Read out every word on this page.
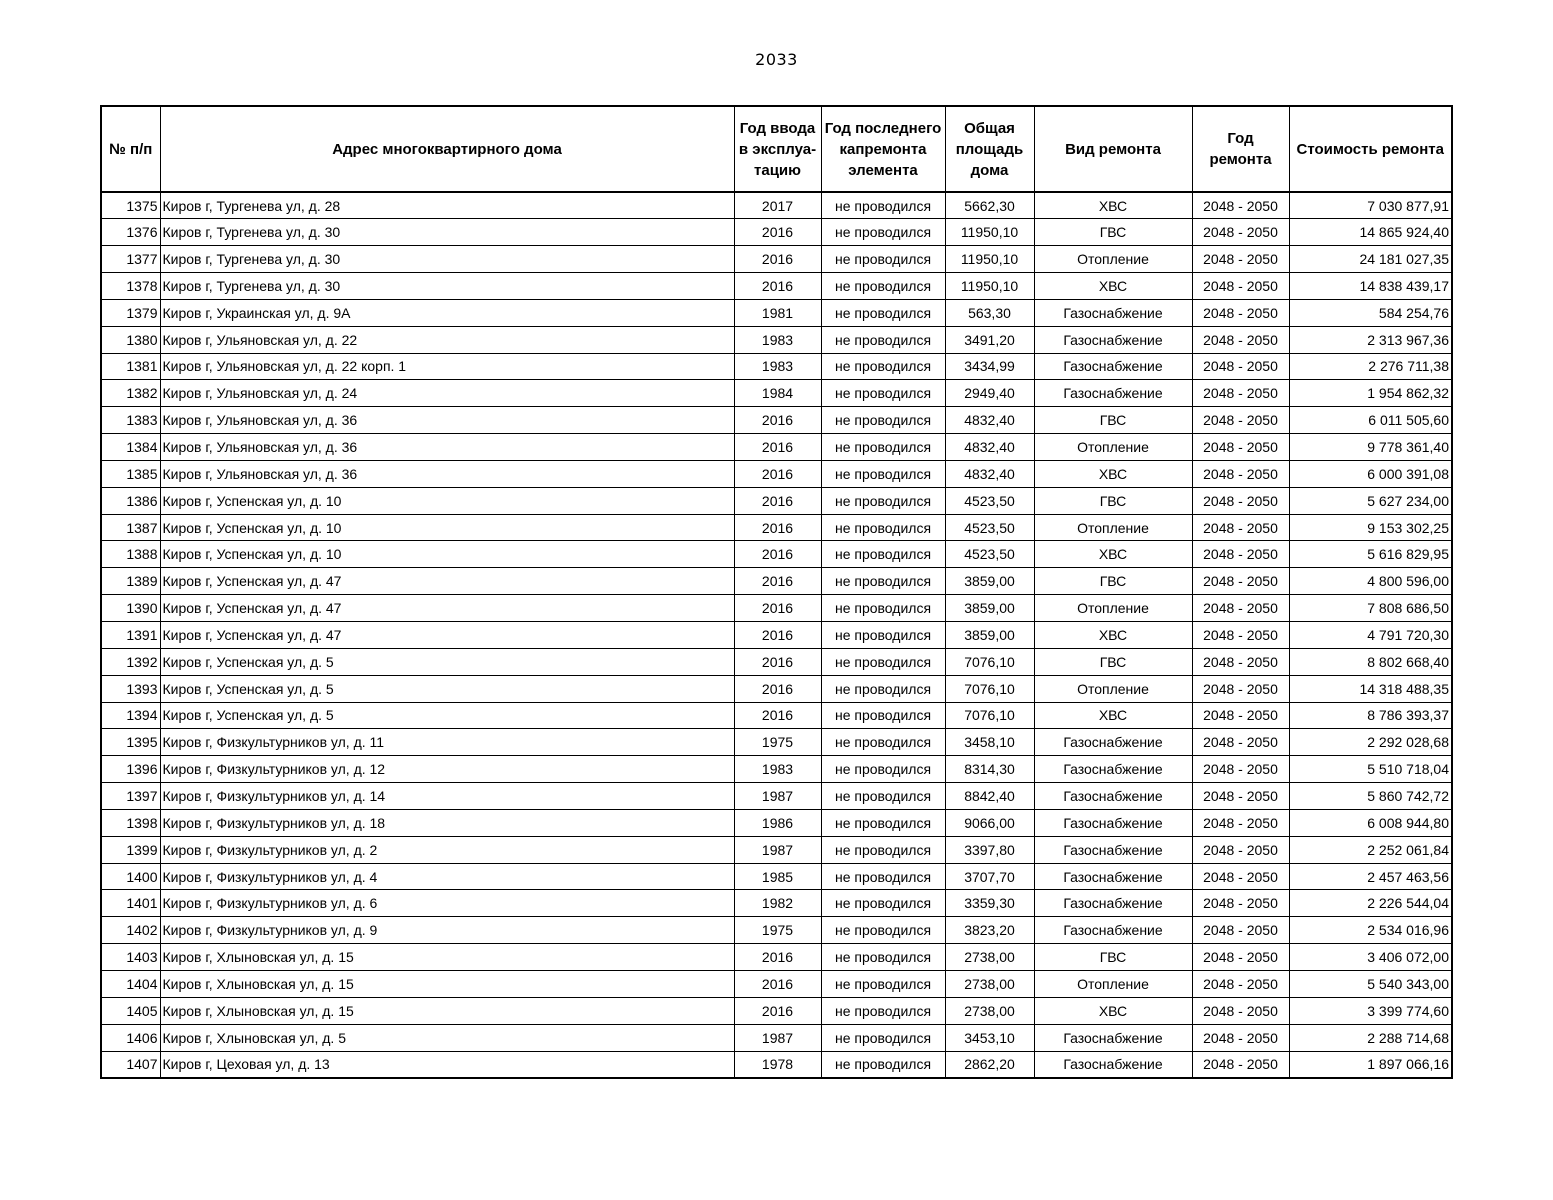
2033
№ п/п	Адрес многоквартирного дома	Год ввода в эксплуа-тацию	Год последнего капремонта элемента	Общая площадь дома	Вид ремонта	Год ремонта	Стоимость ремонта
1375	Киров г, Тургенева ул, д. 28	2017	не проводился	5662,30	ХВС	2048 - 2050	7 030 877,91
1376	Киров г, Тургенева ул, д. 30	2016	не проводился	11950,10	ГВС	2048 - 2050	14 865 924,40
1377	Киров г, Тургенева ул, д. 30	2016	не проводился	11950,10	Отопление	2048 - 2050	24 181 027,35
1378	Киров г, Тургенева ул, д. 30	2016	не проводился	11950,10	ХВС	2048 - 2050	14 838 439,17
1379	Киров г, Украинская ул, д. 9А	1981	не проводился	563,30	Газоснабжение	2048 - 2050	584 254,76
1380	Киров г, Ульяновская ул, д. 22	1983	не проводился	3491,20	Газоснабжение	2048 - 2050	2 313 967,36
1381	Киров г, Ульяновская ул, д. 22 корп. 1	1983	не проводился	3434,99	Газоснабжение	2048 - 2050	2 276 711,38
1382	Киров г, Ульяновская ул, д. 24	1984	не проводился	2949,40	Газоснабжение	2048 - 2050	1 954 862,32
1383	Киров г, Ульяновская ул, д. 36	2016	не проводился	4832,40	ГВС	2048 - 2050	6 011 505,60
1384	Киров г, Ульяновская ул, д. 36	2016	не проводился	4832,40	Отопление	2048 - 2050	9 778 361,40
1385	Киров г, Ульяновская ул, д. 36	2016	не проводился	4832,40	ХВС	2048 - 2050	6 000 391,08
1386	Киров г, Успенская ул, д. 10	2016	не проводился	4523,50	ГВС	2048 - 2050	5 627 234,00
1387	Киров г, Успенская ул, д. 10	2016	не проводился	4523,50	Отопление	2048 - 2050	9 153 302,25
1388	Киров г, Успенская ул, д. 10	2016	не проводился	4523,50	ХВС	2048 - 2050	5 616 829,95
1389	Киров г, Успенская ул, д. 47	2016	не проводился	3859,00	ГВС	2048 - 2050	4 800 596,00
1390	Киров г, Успенская ул, д. 47	2016	не проводился	3859,00	Отопление	2048 - 2050	7 808 686,50
1391	Киров г, Успенская ул, д. 47	2016	не проводился	3859,00	ХВС	2048 - 2050	4 791 720,30
1392	Киров г, Успенская ул, д. 5	2016	не проводился	7076,10	ГВС	2048 - 2050	8 802 668,40
1393	Киров г, Успенская ул, д. 5	2016	не проводился	7076,10	Отопление	2048 - 2050	14 318 488,35
1394	Киров г, Успенская ул, д. 5	2016	не проводился	7076,10	ХВС	2048 - 2050	8 786 393,37
1395	Киров г, Физкультурников ул, д. 11	1975	не проводился	3458,10	Газоснабжение	2048 - 2050	2 292 028,68
1396	Киров г, Физкультурников ул, д. 12	1983	не проводился	8314,30	Газоснабжение	2048 - 2050	5 510 718,04
1397	Киров г, Физкультурников ул, д. 14	1987	не проводился	8842,40	Газоснабжение	2048 - 2050	5 860 742,72
1398	Киров г, Физкультурников ул, д. 18	1986	не проводился	9066,00	Газоснабжение	2048 - 2050	6 008 944,80
1399	Киров г, Физкультурников ул, д. 2	1987	не проводился	3397,80	Газоснабжение	2048 - 2050	2 252 061,84
1400	Киров г, Физкультурников ул, д. 4	1985	не проводился	3707,70	Газоснабжение	2048 - 2050	2 457 463,56
1401	Киров г, Физкультурников ул, д. 6	1982	не проводился	3359,30	Газоснабжение	2048 - 2050	2 226 544,04
1402	Киров г, Физкультурников ул, д. 9	1975	не проводился	3823,20	Газоснабжение	2048 - 2050	2 534 016,96
1403	Киров г, Хлыновская ул, д. 15	2016	не проводился	2738,00	ГВС	2048 - 2050	3 406 072,00
1404	Киров г, Хлыновская ул, д. 15	2016	не проводился	2738,00	Отопление	2048 - 2050	5 540 343,00
1405	Киров г, Хлыновская ул, д. 15	2016	не проводился	2738,00	ХВС	2048 - 2050	3 399 774,60
1406	Киров г, Хлыновская ул, д. 5	1987	не проводился	3453,10	Газоснабжение	2048 - 2050	2 288 714,68
1407	Киров г, Цеховая ул, д. 13	1978	не проводился	2862,20	Газоснабжение	2048 - 2050	1 897 066,16
